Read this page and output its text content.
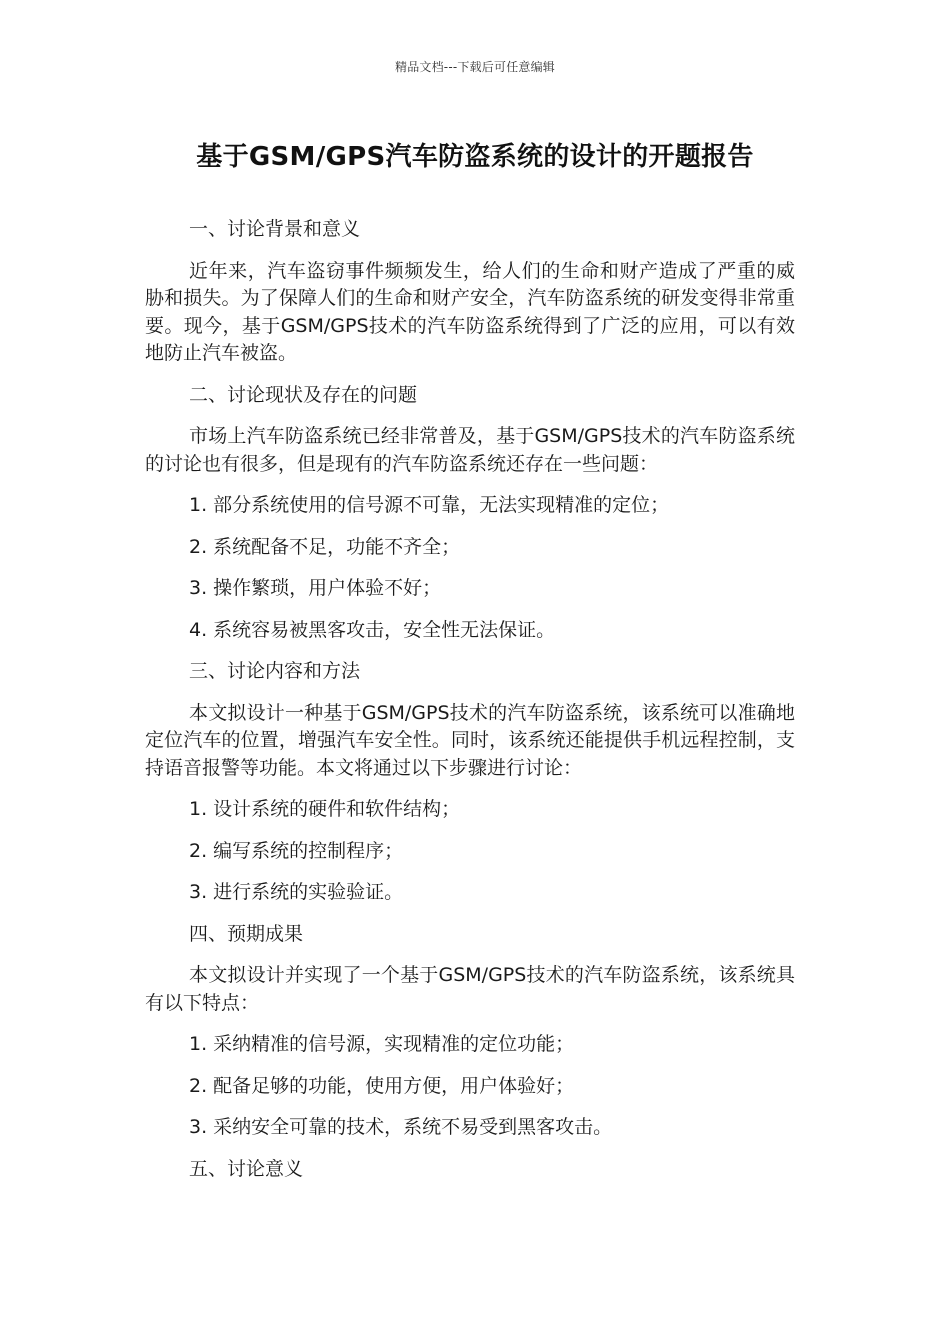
精品文档---下载后可任意编辑
基于GSM/GPS汽车防盗系统的设计的开题报告

一、讨论背景和意义

近年来，汽车盗窃事件频频发生，给人们的生命和财产造成了严重的威胁和损失。为了保障人们的生命和财产安全，汽车防盗系统的研发变得非常重要。现今，基于GSM/GPS技术的汽车防盗系统得到了广泛的应用，可以有效地防止汽车被盗。

二、讨论现状及存在的问题

市场上汽车防盗系统已经非常普及，基于GSM/GPS技术的汽车防盗系统的讨论也有很多，但是现有的汽车防盗系统还存在一些问题：

1. 部分系统使用的信号源不可靠，无法实现精准的定位；

2. 系统配备不足，功能不齐全；

3. 操作繁琐，用户体验不好；

4. 系统容易被黑客攻击，安全性无法保证。

三、讨论内容和方法

本文拟设计一种基于GSM/GPS技术的汽车防盗系统，该系统可以准确地定位汽车的位置，增强汽车安全性。同时，该系统还能提供手机远程控制，支持语音报警等功能。本文将通过以下步骤进行讨论：

1. 设计系统的硬件和软件结构；

2. 编写系统的控制程序；

3. 进行系统的实验验证。

四、预期成果

本文拟设计并实现了一个基于GSM/GPS技术的汽车防盗系统，该系统具有以下特点：

1. 采纳精准的信号源，实现精准的定位功能；

2. 配备足够的功能，使用方便，用户体验好；

3. 采纳安全可靠的技术，系统不易受到黑客攻击。

五、讨论意义
